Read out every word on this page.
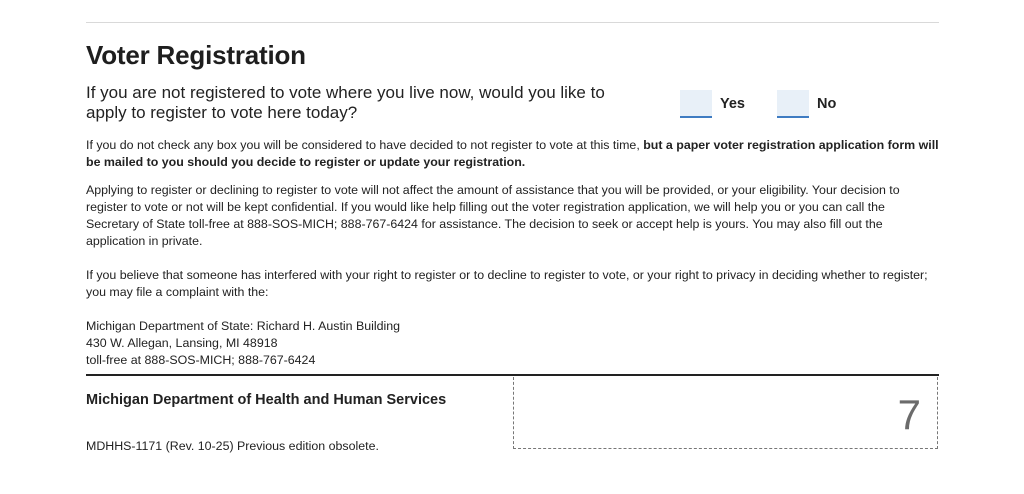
Voter Registration
If you are not registered to vote where you live now, would you like to apply to register to vote here today?	Yes	No

If you do not check any box you will be considered to have decided to not register to vote at this time, but a paper voter registration application form will be mailed to you should you decide to register or update your registration.

Applying to register or declining to register to vote will not affect the amount of assistance that you will be provided, or your eligibility. Your decision to register to vote or not will be kept confidential. If you would like help filling out the voter registration application, we will help you or you can call the Secretary of State toll-free at 888-SOS-MICH; 888-767-6424 for assistance. The decision to seek or accept help is yours. You may also fill out the application in private.

If you believe that someone has interfered with your right to register or to decline to register to vote, or your right to privacy in deciding whether to register; you may file a complaint with the:

Michigan Department of State: Richard H. Austin Building
430 W. Allegan, Lansing, MI 48918
toll-free at 888-SOS-MICH; 888-767-6424
Michigan Department of Health and Human Services
MDHHS-1171 (Rev. 10-25) Previous edition obsolete.
7
